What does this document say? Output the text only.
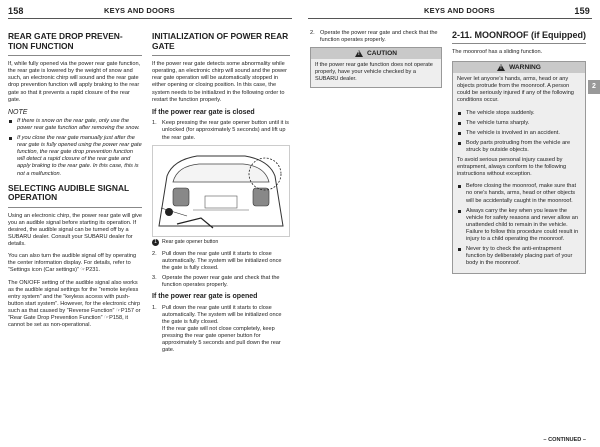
158	KEYS AND DOORS
REAR GATE DROP PREVEN-TION FUNCTION

If, while fully opened via the power rear gate function, the rear gate is lowered by the weight of snow and such, an electronic chirp will sound and the rear gate drop prevention function will apply braking to the rear gate so that it prevents a rapid closure of the rear gate.

NOTE
If there is snow on the rear gate, only use the power rear gate function after removing the snow.
If you close the rear gate manually just after the rear gate is fully opened using the power rear gate function, the rear gate drop prevention function will detect a rapid closure of the rear gate and apply braking to the rear gate. In this case, this is not a malfunction.
SELECTING AUDIBLE SIGNAL OPERATION

Using an electronic chirp, the power rear gate will give you an audible signal before starting its operation. If desired, the audible signal can be turned off by a SUBARU dealer. Consult your SUBARU dealer for details.

You can also turn the audible signal off by operating the center information display. For details, refer to “Settings icon (Car settings)” ☞P231.

The ON/OFF setting of the audible signal also works as the audible signal settings for the “remote keyless entry system” and the “keyless access with push-button start system”. However, for the electronic chirp such as that caused by “Reverse Function” ☞P157 or “Rear Gate Drop Prevention Function” ☞P158, it cannot be set as non-operational.

INITIALIZATION OF POWER REAR GATE

If the power rear gate detects some abnormality while operating, an electronic chirp will sound and the power rear gate operation will be automatically stopped in either opening or closing position. In this case, the system needs to be initialized in the following order to restart the function properly.

If the power rear gate is closed
1. Keep pressing the rear gate opener button until it is unlocked (for approximately 5 seconds) and lift up the rear gate.
1 Rear gate opener button
2. Pull down the rear gate until it starts to close automatically. The system will be initialized once the gate is fully closed.
3. Operate the power rear gate and check that the function operates properly.
If the power rear gate is opened
1. Pull down the rear gate until it starts to close automatically. The system will be initialized once the gate is fully closed.
If the rear gate will not close completely, keep pressing the rear gate opener button for approximately 5 seconds and pull down the rear gate.
KEYS AND DOORS	159
2. Operate the power rear gate and check that the function operates properly.
!
CAUTION
If the power rear gate function does not operate properly, have your vehicle checked by a SUBARU dealer.
2-11. MOONROOF (if Equipped)

The moonroof has a sliding function.

!
WARNING

Never let anyone’s hands, arms, head or any objects protrude from the moonroof. A person could be seriously injured if any of the following conditions occur.

The vehicle stops suddenly.
The vehicle turns sharply.
The vehicle is involved in an accident.
Body parts protruding from the vehicle are struck by outside objects.

To avoid serious personal injury caused by entrapment, always conform to the following instructions without exception.

Before closing the moonroof, make sure that no one’s hands, arms, head or other objects will be accidentally caught in the moonroof.
Always carry the key when you leave the vehicle for safety reasons and never allow an unattended child to remain in the vehicle. Failure to follow this procedure could result in injury to a child operating the moonroof.
Never try to check the anti-entrapment function by deliberately placing part of your body in the moonroof.
2
– CONTINUED –
